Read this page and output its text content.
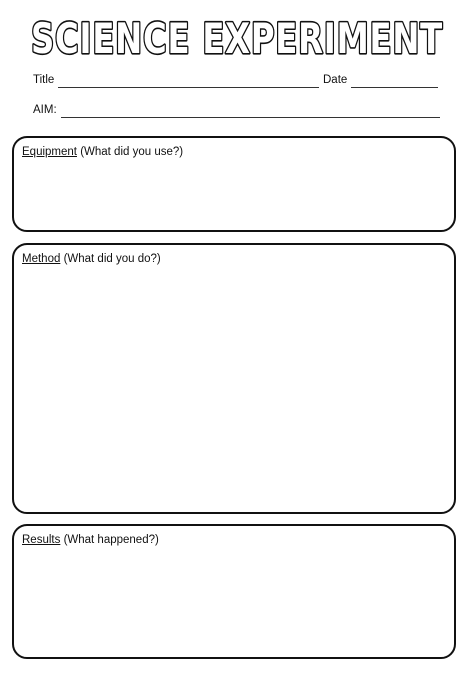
SCIENCE EXPERIMENT
Title	Date
AIM:
Equipment (What did you use?)
Method (What did you do?)
Results (What happened?)
